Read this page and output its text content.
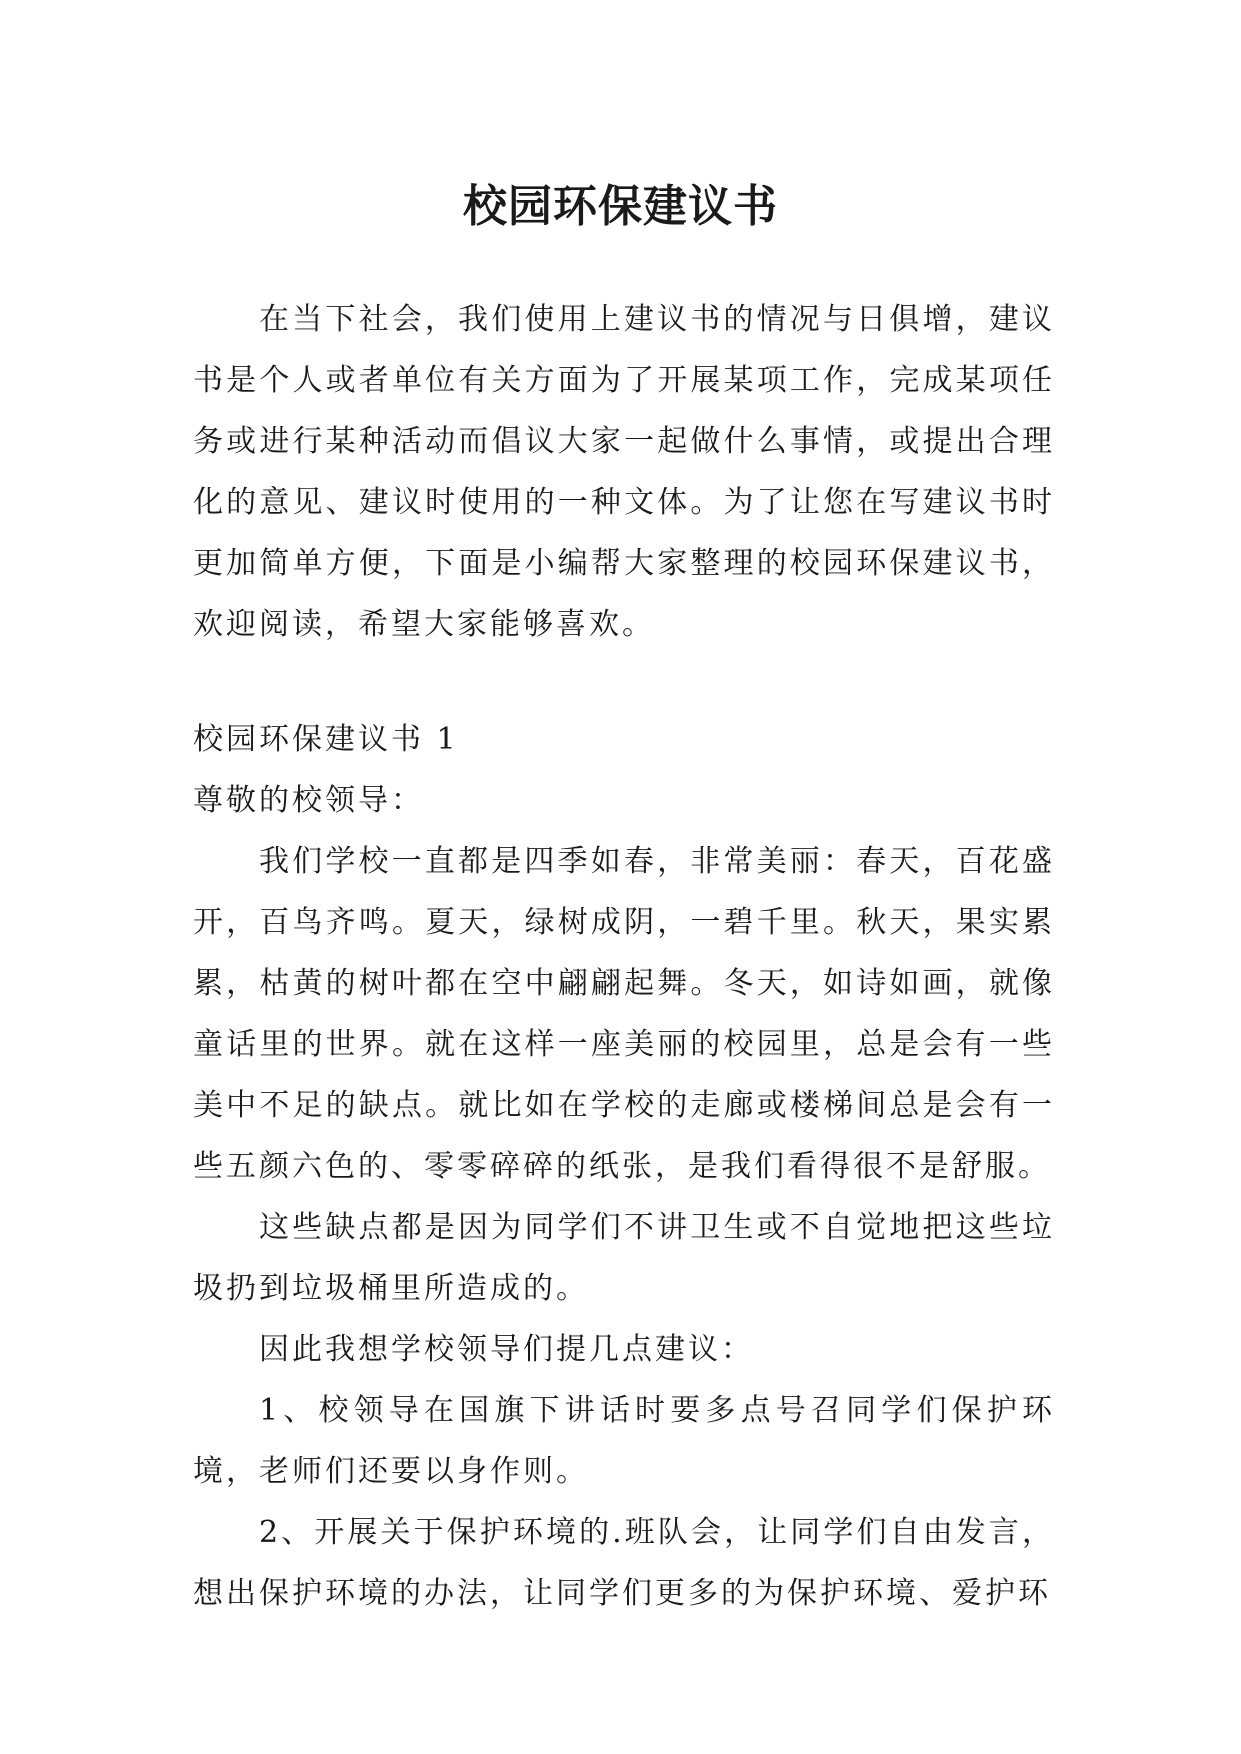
校园环保建议书

在当下社会，我们使用上建议书的情况与日俱增，建议书是个人或者单位有关方面为了开展某项工作，完成某项任务或进行某种活动而倡议大家一起做什么事情，或提出合理化的意见、建议时使用的一种文体。为了让您在写建议书时更加简单方便，下面是小编帮大家整理的校园环保建议书，欢迎阅读，希望大家能够喜欢。

校园环保建议书 1

尊敬的校领导：

我们学校一直都是四季如春，非常美丽：春天，百花盛开，百鸟齐鸣。夏天，绿树成阴，一碧千里。秋天，果实累累，枯黄的树叶都在空中翩翩起舞。冬天，如诗如画，就像童话里的世界。就在这样一座美丽的校园里，总是会有一些美中不足的缺点。就比如在学校的走廊或楼梯间总是会有一些五颜六色的、零零碎碎的纸张，是我们看得很不是舒服。

这些缺点都是因为同学们不讲卫生或不自觉地把这些垃圾扔到垃圾桶里所造成的。

因此我想学校领导们提几点建议：

1、校领导在国旗下讲话时要多点号召同学们保护环境，老师们还要以身作则。

2、开展关于保护环境的.班队会，让同学们自由发言，想出保护环境的办法，让同学们更多的为保护环境、爱护环
